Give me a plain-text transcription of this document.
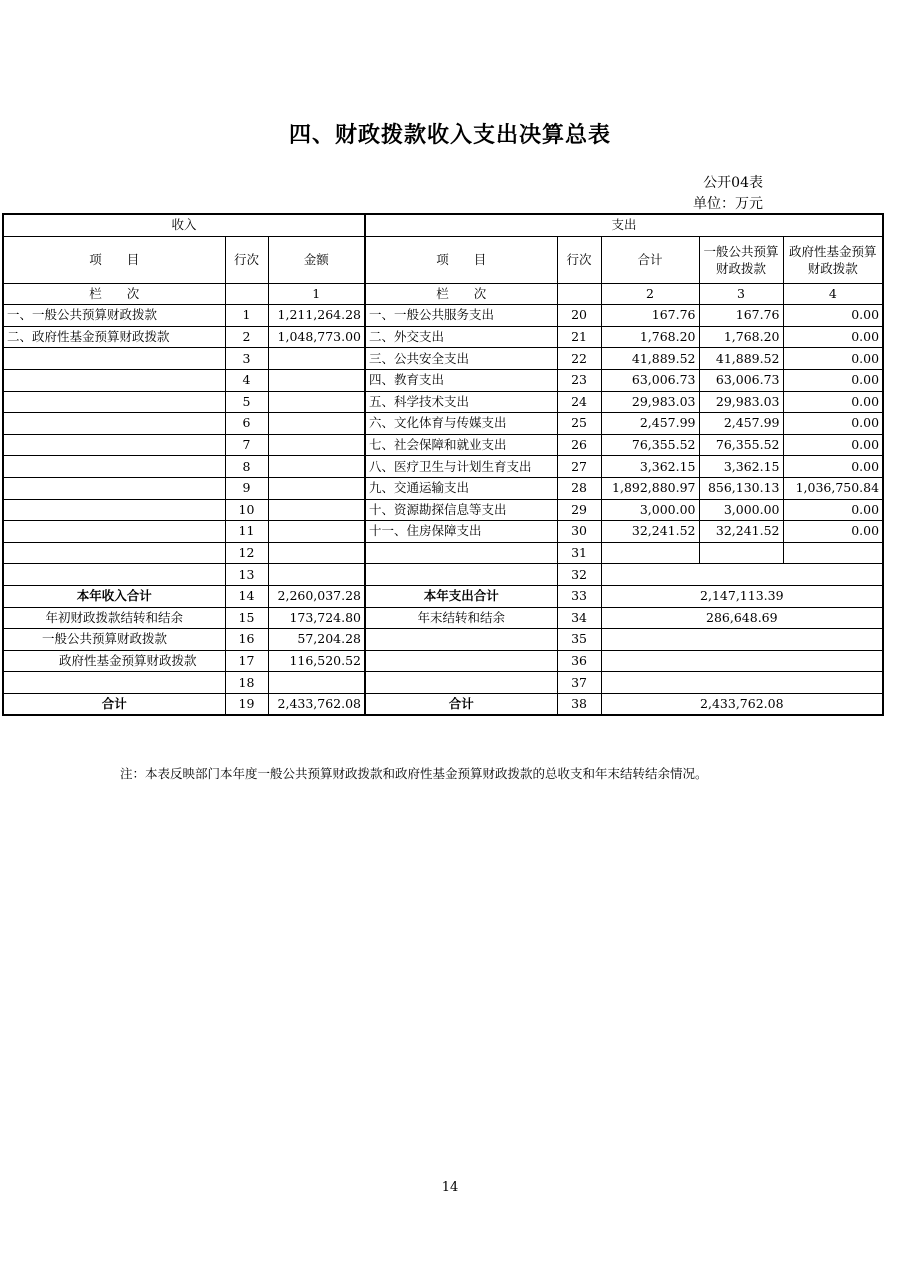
四、财政拨款收入支出决算总表
公开04表
单位：万元
收入			支出				
项　　目	行次	金额	项　　目	行次	合计	一般公共预算财政拨款	政府性基金预算财政拨款
栏　　次		1	栏　　次		2	3	4
一、一般公共预算财政拨款	1	1,211,264.28	一、一般公共服务支出	20	167.76	167.76	0.00
二、政府性基金预算财政拨款	2	1,048,773.00	二、外交支出	21	1,768.20	1,768.20	0.00
	3		三、公共安全支出	22	41,889.52	41,889.52	0.00
	4		四、教育支出	23	63,006.73	63,006.73	0.00
	5		五、科学技术支出	24	29,983.03	29,983.03	0.00
	6		六、文化体育与传媒支出	25	2,457.99	2,457.99	0.00
	7		七、社会保障和就业支出	26	76,355.52	76,355.52	0.00
	8		八、医疗卫生与计划生育支出	27	3,362.15	3,362.15	0.00
	9		九、交通运输支出	28	1,892,880.97	856,130.13	1,036,750.84
	10		十、资源勘探信息等支出	29	3,000.00	3,000.00	0.00
	11		十一、住房保障支出	30	32,241.52	32,241.52	0.00
	12			31			
	13			32			
本年收入合计	14	2,260,037.28	本年支出合计	33	2,147,113.39		
年初财政拨款结转和结余	15	173,724.80	年末结转和结余	34	286,648.69		
一般公共预算财政拨款	16	57,204.28		35			
政府性基金预算财政拨款	17	116,520.52		36			
	18			37			
合计	19	2,433,762.08	合计	38	2,433,762.08		
注：本表反映部门本年度一般公共预算财政拨款和政府性基金预算财政拨款的总收支和年末结转结余情况。
14
